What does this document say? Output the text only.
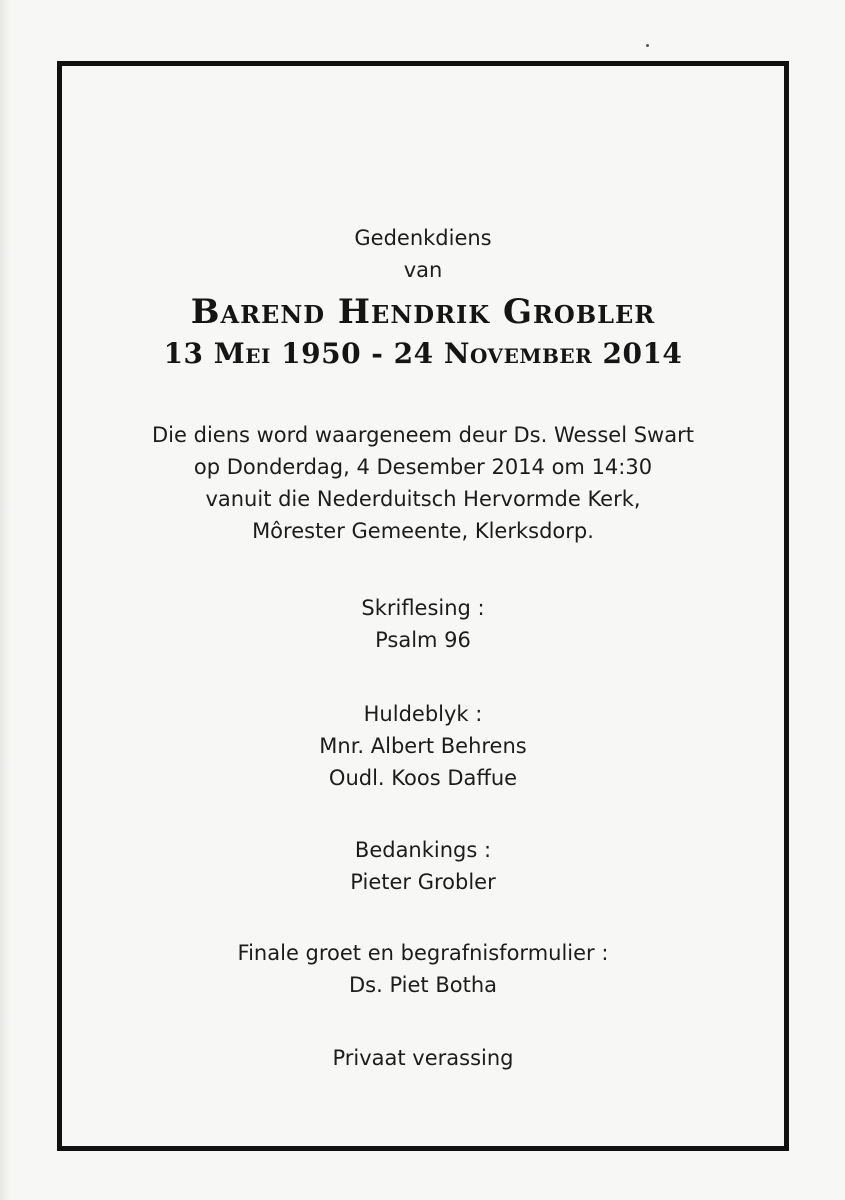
Gedenkdiens
van
Barend Hendrik Grobler
13 Mei 1950 - 24 November 2014
Die diens word waargeneem deur Ds. Wessel Swart
op Donderdag, 4 Desember 2014 om 14:30
vanuit die Nederduitsch Hervormde Kerk,
Môrester Gemeente, Klerksdorp.
Skriflesing :
Psalm 96
Huldeblyk :
Mnr. Albert Behrens
Oudl. Koos Daffue
Bedankings :
Pieter Grobler
Finale groet en begrafnisformulier :
Ds. Piet Botha
Privaat verassing
